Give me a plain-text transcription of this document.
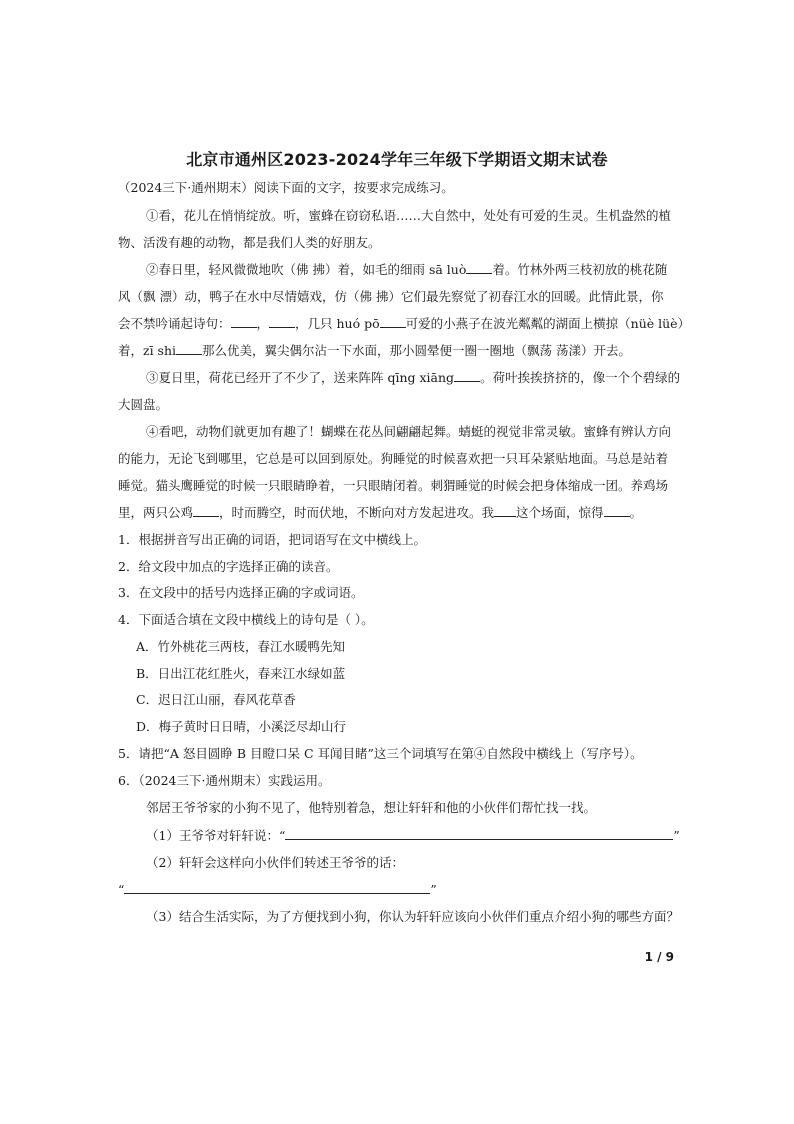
北京市通州区2023-2024学年三年级下学期语文期末试卷
（2024三下·通州期末）阅读下面的文字，按要求完成练习。
①看，花儿在悄悄绽放。听，蜜蜂在窃窃私语……大自然中，处处有可爱的生灵。生机盎然的植
物、活泼有趣的动物，都是我们人类的好朋友。
②春日里，轻风微微地吹（佛 拂）着，如毛的细雨 sā luò 着。竹林外两三枝初放的桃花随
风（飘 漂）动，鸭子在水中尽情嬉戏，仿（佛 拂）它们最先察觉了初春江水的回暖。此情此景，你
会不禁吟诵起诗句： ， ，几只 huó pō 可爱的小燕子在波光粼粼的湖面上横掠（nüè lüè）
着，zī shi 那么优美，翼尖偶尔沾一下水面，那小圆晕便一圈一圈地（飘荡 荡漾）开去。
③夏日里，荷花已经开了不少了，送来阵阵 qīng xiāng 。荷叶挨挨挤挤的，像一个个碧绿的
大圆盘。
④看吧，动物们就更加有趣了！蝴蝶在花丛间翩翩起舞。蜻蜓的视觉非常灵敏。蜜蜂有辨认方向
的能力，无论飞到哪里，它总是可以回到原处。狗睡觉的时候喜欢把一只耳朵紧贴地面。马总是站着
睡觉。猫头鹰睡觉的时候一只眼睛睁着，一只眼睛闭着。刺猬睡觉的时候会把身体缩成一团。养鸡场
里，两只公鸡 ，时而腾空，时而伏地，不断向对方发起进攻。我 这个场面，惊得 。
1．根据拼音写出正确的词语，把词语写在文中横线上。
2．给文段中加点的字选择正确的读音。
3．在文段中的括号内选择正确的字或词语。
4．下面适合填在文段中横线上的诗句是（ ）。
A．竹外桃花三两枝，春江水暖鸭先知
B．日出江花红胜火，春来江水绿如蓝
C．迟日江山丽，春风花草香
D．梅子黄时日日晴，小溪泛尽却山行
5．请把“A 怒目圆睁 B 目瞪口呆 C 耳闻目睹”这三个词填写在第④自然段中横线上（写序号）。
6．（2024三下·通州期末）实践运用。
邻居王爷爷家的小狗不见了，他特别着急，想让轩轩和他的小伙伴们帮忙找一找。
（1）王爷爷对轩轩说：“	”
（2）轩轩会这样向小伙伴们转述王爷爷的话：
“	”
（3）结合生活实际，为了方便找到小狗，你认为轩轩应该向小伙伴们重点介绍小狗的哪些方面？
1 / 9
